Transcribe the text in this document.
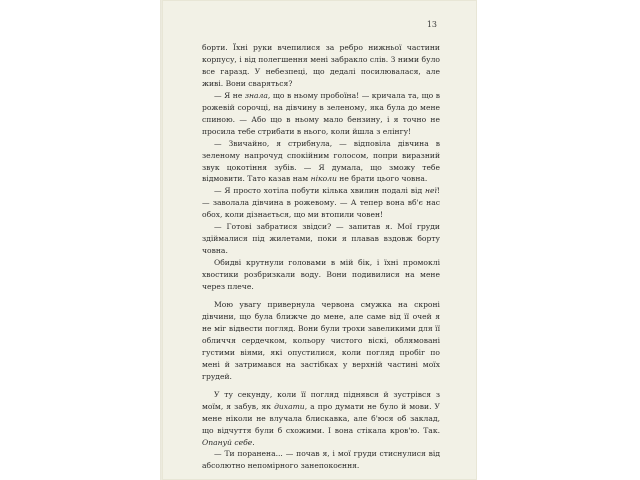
13

борти. Їхні руки вчепилися за ребро нижньої частини корпусу, і від полегшення мені забракло слів. З ними було все гаразд. У небезпеці, що дедалі посилювалася, але живі. Вони сваряться?

— Я не знала, що в ньому пробоїна! — кричала та, що в рожевій сорочці, на дівчину в зеленому, яка була до мене спиною. — Або що в ньому мало бензину, і я точно не просила тебе стрибати в нього, коли йшла з елінгу!

— Звичайно, я стрибнула, — відповіла дівчина в зеленому напрочуд спокійним голосом, попри виразний звук цокотіння зубів. — Я думала, що зможу тебе відмовити. Тато казав нам ніколи не брати цього човна.

— Я просто хотіла побути кілька хвилин подалі від неї! — заволала дівчина в рожевому. — А тепер вона вб'є нас обох, коли дізнається, що ми втопили човен!

— Готові забратися звідси? — запитав я. Мої груди здіймалися під жилетами, поки я плавав вздовж борту човна.

Обидві крутнули головами в мій бік, і їхні промоклі хвостики розбризкали воду. Вони подивилися на мене через плече.

Мою увагу привернула червона смужка на скроні дівчини, що була ближче до мене, але саме від її очей я не міг відвести погляд. Вони були трохи завеликими для її обличчя сердечком, кольору чистого віскі, облямовані густими віями, які опустилися, коли погляд пробіг по мені й затримався на застібках у верхній частині моїх грудей.

У ту секунду, коли її погляд піднявся й зустрівся з моїм, я забув, як дихати, а про думати не було й мови. У мене ніколи не влучала блискавка, але б'юся об заклад, що відчуття були б схожими. І вона стікала кров'ю. Так. Опануй себе.

— Ти поранена... — почав я, і мої груди стиснулися від абсолютно непомірного занепокоєння.
